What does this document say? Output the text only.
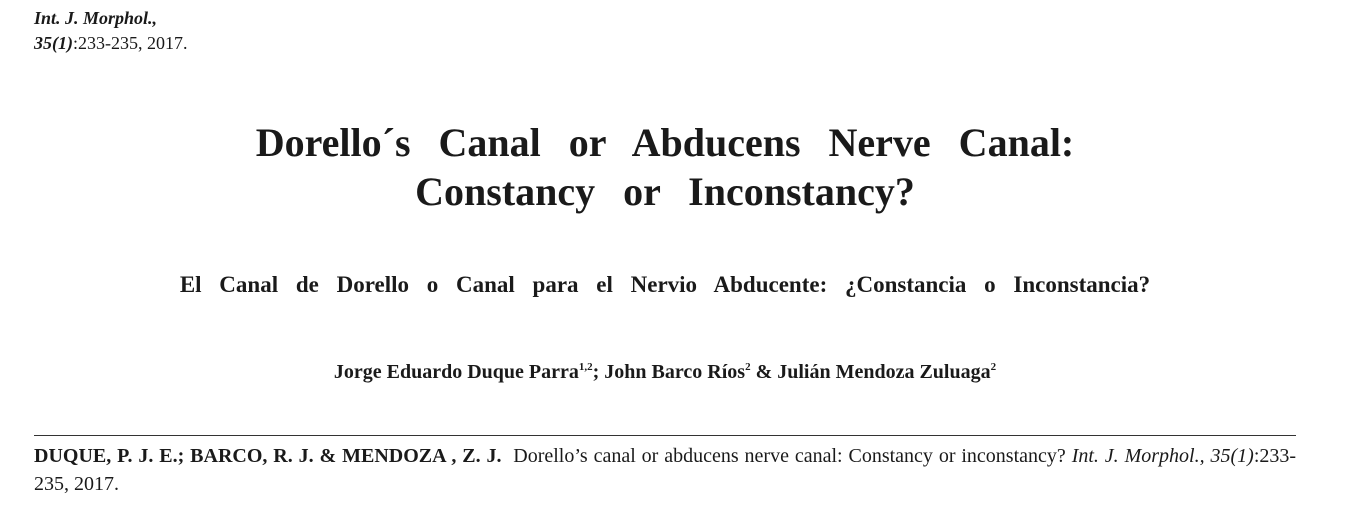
Int. J. Morphol.,
35(1):233-235, 2017.
Dorello´s Canal or Abducens Nerve Canal:
Constancy or Inconstancy?
El Canal de Dorello o Canal para el Nervio Abducente: ¿Constancia o Inconstancia?
Jorge Eduardo Duque Parra$^{1,2}$; John Barco Ríos$^2$ & Julián Mendoza Zuluaga$^2$
DUQUE, P. J. E.; BARCO, R. J. & MENDOZA , Z. J. Dorello’s canal or abducens nerve canal: Constancy or inconstancy? Int. J. Morphol., 35(1):233-235, 2017.
